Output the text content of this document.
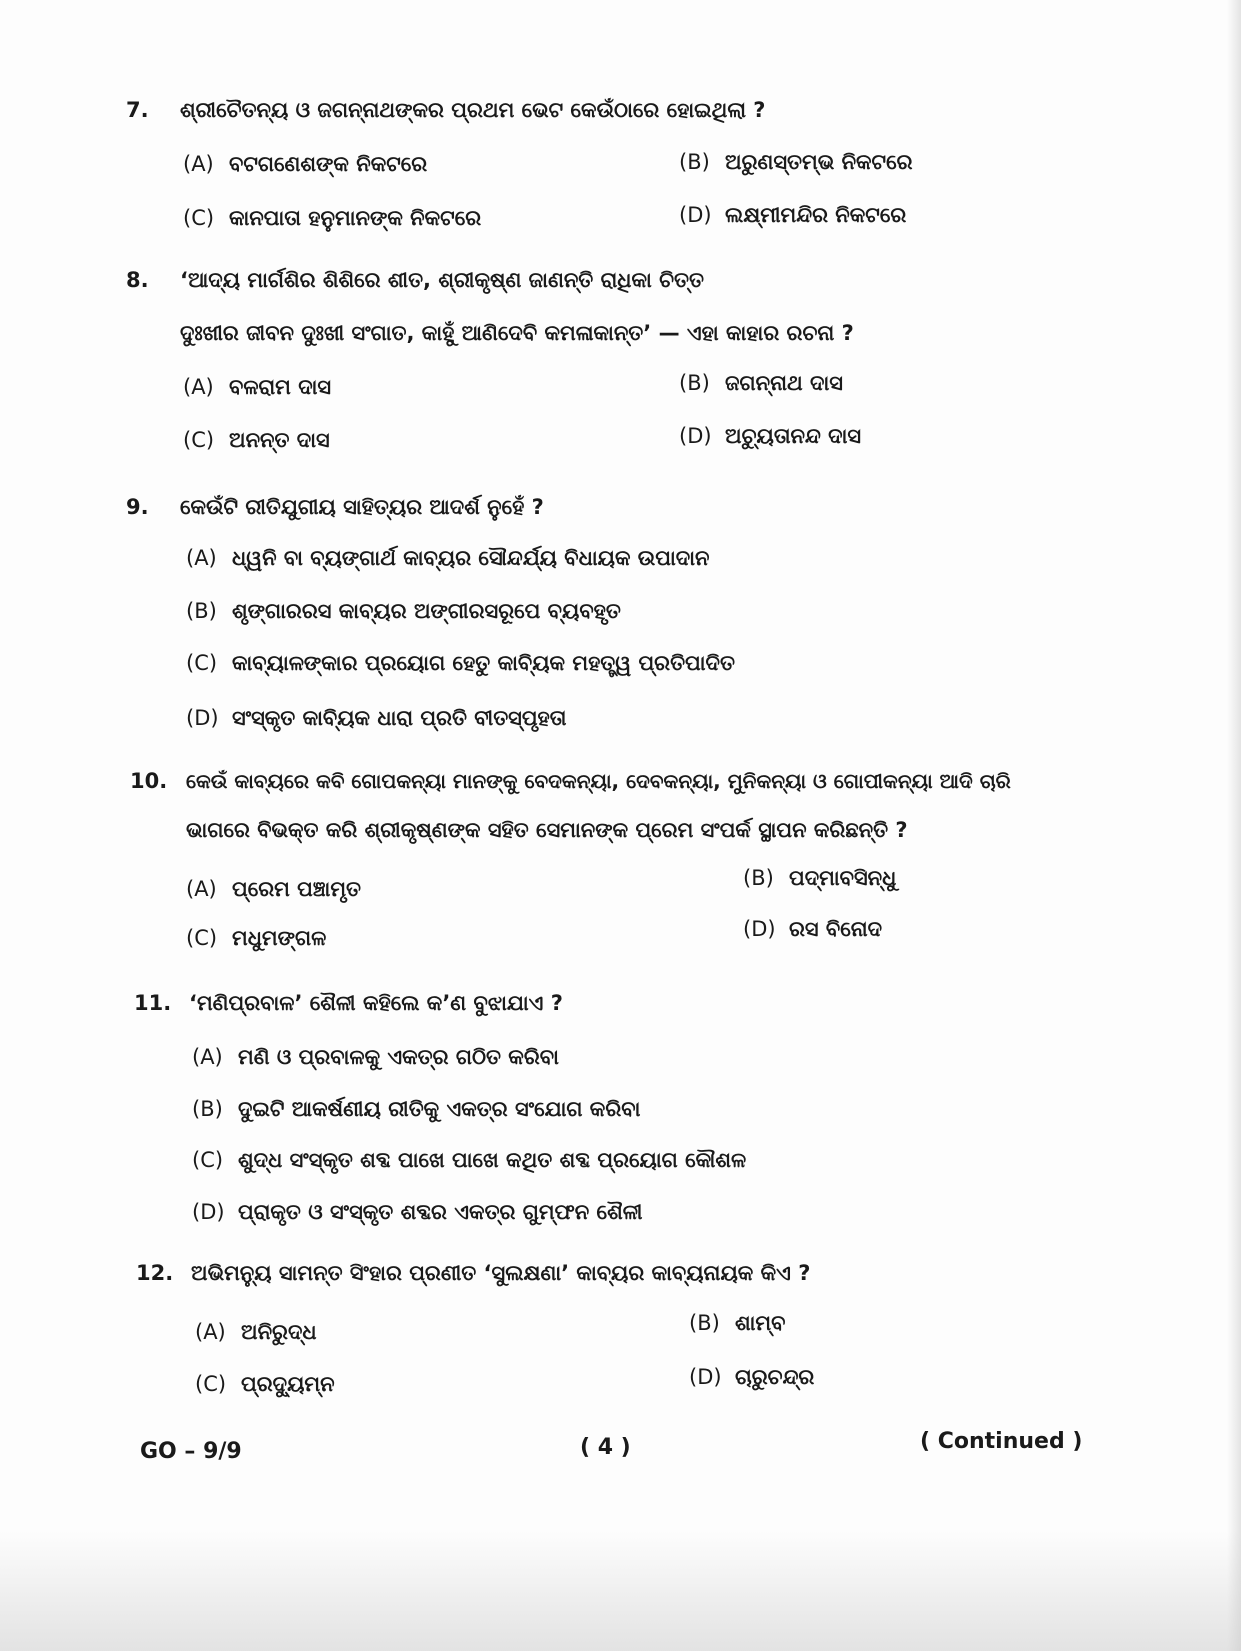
7. ଶ୍ରୀଚୈତନ୍ୟ ଓ ଜଗନ୍ନାଥଙ୍କର ପ୍ରଥମ ଭେଟ କେଉଁଠାରେ ହୋଇଥିଲା ?
(A) ବଟଗଣେଶଙ୍କ ନିକଟରେ	(B) ଅରୁଣସ୍ତମ୍ଭ ନିକଟରେ
(C) କାନପାତା ହନୁମାନଙ୍କ ନିକଟରେ	(D) ଲକ୍ଷ୍ମୀମନ୍ଦିର ନିକଟରେ
8. ‘ଆଦ୍ୟ ମାର୍ଗଶିର ଶିଶିରେ ଶୀତ, ଶ୍ରୀକୃଷ୍ଣ ଜାଣନ୍ତି ରାଧିକା ଚିତ୍ତ
ଦୁଃଖୀର ଜୀବନ ଦୁଃଖୀ ସଂଗାତ, କାହୁଁ ଆଣିଦେବି କମଳାକାନ୍ତ’ — ଏହା କାହାର ରଚନା ?
(A) ବଳରାମ ଦାସ	(B) ଜଗନ୍ନାଥ ଦାସ
(C) ଅନନ୍ତ ଦାସ	(D) ଅଚ୍ୟୁତାନନ୍ଦ ଦାସ
9. କେଉଁଟି ରୀତିଯୁଗୀୟ ସାହିତ୍ୟର ଆଦର୍ଶ ନୁହେଁ ?
(A) ଧ୍ୱନି ବା ବ୍ୟଙ୍ଗାର୍ଥ କାବ୍ୟର ସୌନ୍ଦର୍ଯ୍ୟ ବିଧାୟକ ଉପାଦାନ
(B) ଶୃଙ୍ଗାରରସ କାବ୍ୟର ଅଙ୍ଗୀରସରୂପେ ବ୍ୟବହୃତ
(C) କାବ୍ୟାଳଙ୍କାର ପ୍ରୟୋଗ ହେତୁ କାବ୍ୟିକ ମହତ୍ତ୍ୱ ପ୍ରତିପାଦିତ
(D) ସଂସ୍କୃତ କାବ୍ୟିକ ଧାରା ପ୍ରତି ବୀତସ୍ପୃହତା
10. କେଉଁ କାବ୍ୟରେ କବି ଗୋପକନ୍ୟା ମାନଙ୍କୁ ବେଦକନ୍ୟା, ଦେବକନ୍ୟା, ମୁନିକନ୍ୟା ଓ ଗୋପୀକନ୍ୟା ଆଦି ଚାରି
ଭାଗରେ ବିଭକ୍ତ କରି ଶ୍ରୀକୃଷ୍ଣଙ୍କ ସହିତ ସେମାନଙ୍କ ପ୍ରେମ ସଂପର୍କ ସ୍ଥାପନ କରିଛନ୍ତି ?
(A) ପ୍ରେମ ପଞ୍ଚାମୃତ	(B) ପଦ୍ମାବସିନ୍ଧୁ
(C) ମଧୁମଙ୍ଗଳ	(D) ରସ ବିନୋଦ
11. ‘ମଣିପ୍ରବାଳ’ ଶୈଳୀ କହିଲେ କ’ଣ ବୁଝାଯାଏ ?
(A) ମଣି ଓ ପ୍ରବାଳକୁ ଏକତ୍ର ଗଠିତ କରିବା
(B) ଦୁଇଟି ଆକର୍ଷଣୀୟ ରୀତିକୁ ଏକତ୍ର ସଂଯୋଗ କରିବା
(C) ଶୁଦ୍ଧ ସଂସ୍କୃତ ଶବ୍ଦ ପାଖେ ପାଖେ କଥିତ ଶବ୍ଦ ପ୍ରୟୋଗ କୌଶଳ
(D) ପ୍ରାକୃତ ଓ ସଂସ୍କୃତ ଶବ୍ଦର ଏକତ୍ର ଗୁମ୍ଫନ ଶୈଳୀ
12. ଅଭିମନ୍ୟୁ ସାମନ୍ତ ସିଂହାର ପ୍ରଣୀତ ‘ସୁଲକ୍ଷଣା’ କାବ୍ୟର କାବ୍ୟନାୟକ କିଏ ?
(A) ଅନିରୁଦ୍ଧ	(B) ଶାମ୍ବ
(C) ପ୍ରଦ୍ୟୁମ୍ନ	(D) ଚାରୁଚନ୍ଦ୍ର
GO – 9/9	( 4 )	( Continued )
